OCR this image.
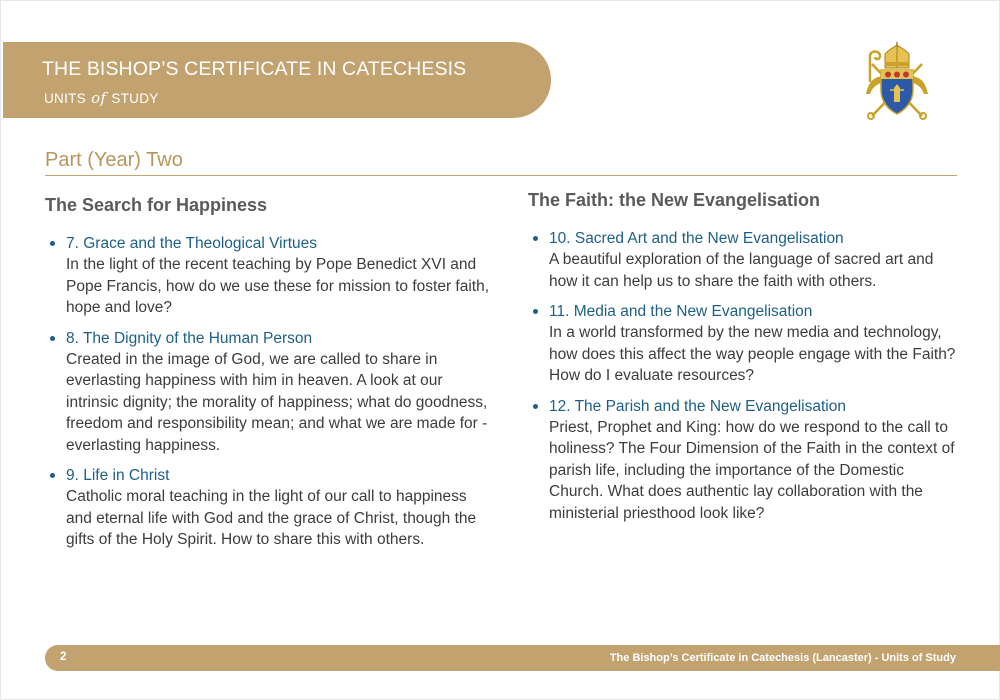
THE BISHOP’S CERTIFICATE IN CATECHESIS
UNITS of STUDY
Part (Year) Two
The Search for Happiness
7. Grace and the Theological Virtues
In the light of the recent teaching by Pope Benedict XVI and Pope Francis, how do we use these for mission to foster faith, hope and love?
8. The Dignity of the Human Person
Created in the image of God, we are called to share in everlasting happiness with him in heaven. A look at our intrinsic dignity; the morality of happiness; what do goodness, freedom and responsibility mean; and what we are made for - everlasting happiness.
9. Life in Christ
Catholic moral teaching in the light of our call to happiness and eternal life with God and the grace of Christ, though the gifts of the Holy Spirit. How to share this with others.
The Faith: the New Evangelisation
10. Sacred Art and the New Evangelisation
A beautiful exploration of the language of sacred art and how it can help us to share the faith with others.
11. Media and the New Evangelisation
In a world transformed by the new media and technology, how does this affect the way people engage with the Faith? How do I evaluate resources?
12. The Parish and the New Evangelisation
Priest, Prophet and King: how do we respond to the call to holiness? The Four Dimension of the Faith in the context of parish life, including the importance of the Domestic Church. What does authentic lay collaboration with the ministerial priesthood look like?
2	The Bishop’s Certificate in Catechesis (Lancaster) - Units of Study
